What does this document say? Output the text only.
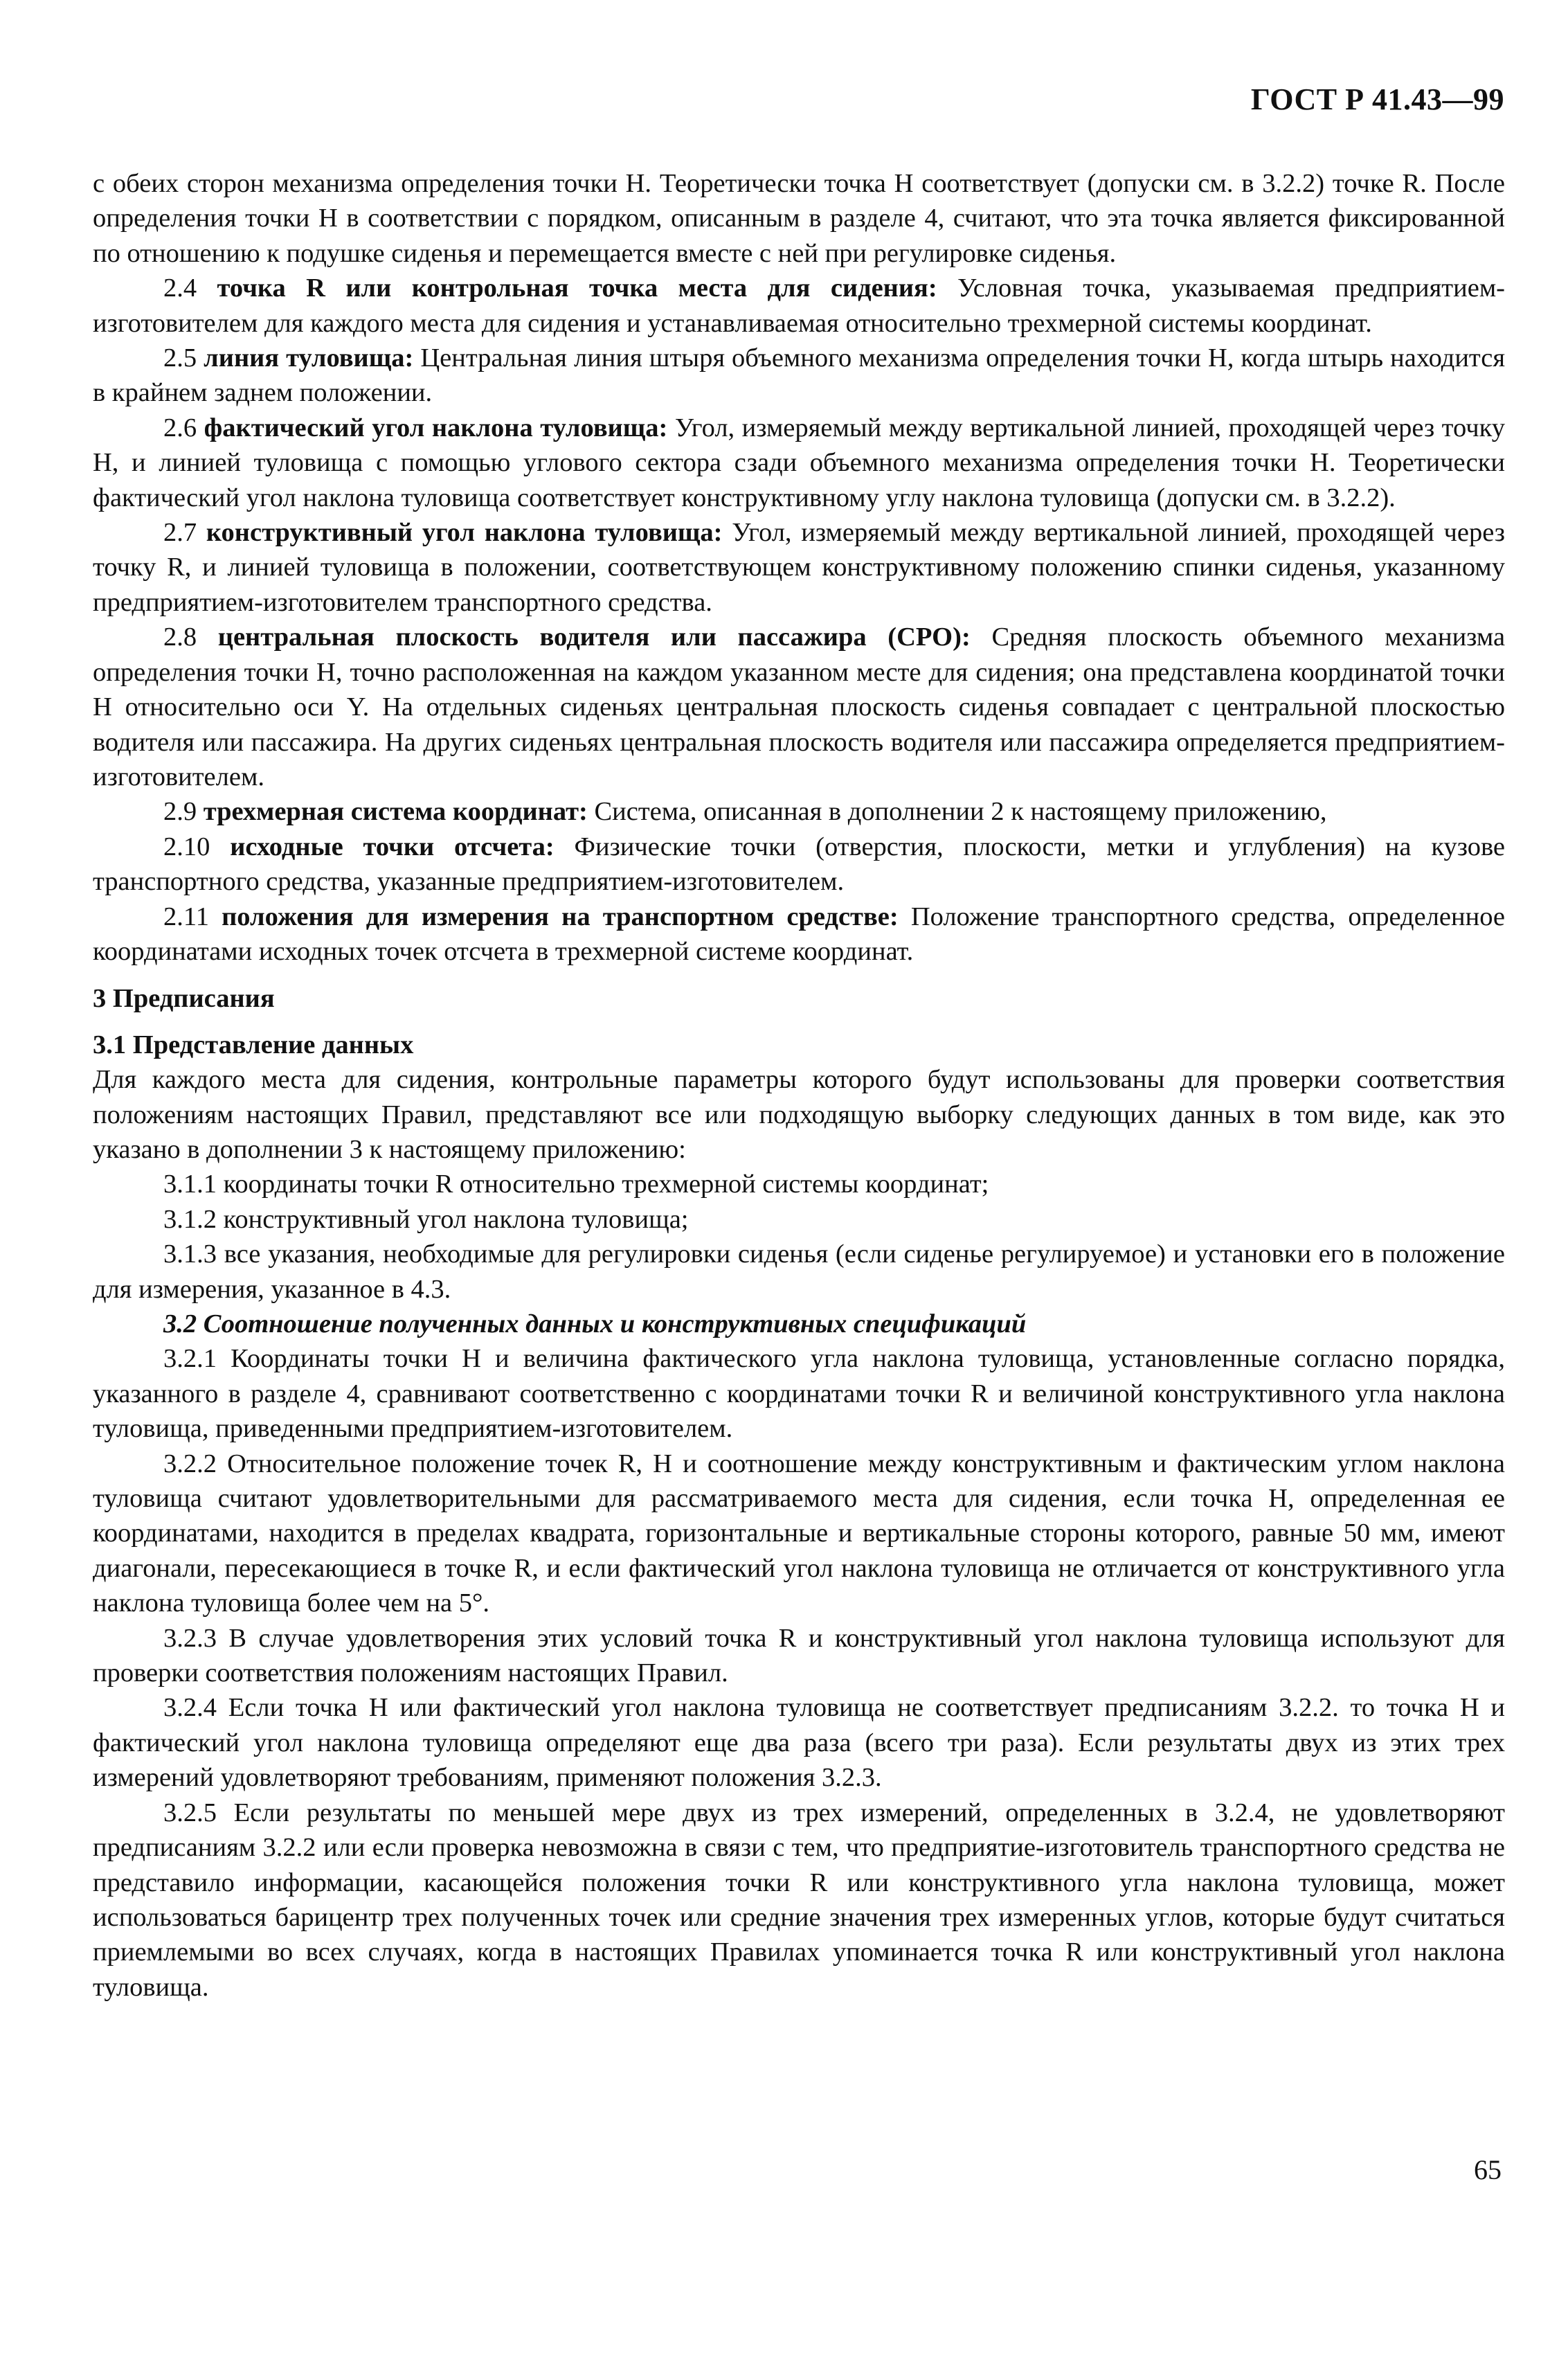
ГОСТ Р 41.43—99

с обеих сторон механизма определения точки H. Теоретически точка H соответствует (допуски см. в 3.2.2) точке R. После определения точки H в соответствии с порядком, описанным в разделе 4, считают, что эта точка является фиксированной по отношению к подушке сиденья и перемещается вместе с ней при регулировке сиденья.

2.4 точка R или контрольная точка места для сидения: Условная точка, указываемая предприятием-изготовителем для каждого места для сидения и устанавливаемая относительно трехмерной системы координат.

2.5 линия туловища: Центральная линия штыря объемного механизма определения точки H, когда штырь находится в крайнем заднем положении.

2.6 фактический угол наклона туловища: Угол, измеряемый между вертикальной линией, проходящей через точку H, и линией туловища с помощью углового сектора сзади объемного механизма определения точки H. Теоретически фактический угол наклона туловища соответствует конструктивному углу наклона туловища (допуски см. в 3.2.2).

2.7 конструктивный угол наклона туловища: Угол, измеряемый между вертикальной линией, проходящей через точку R, и линией туловища в положении, соответствующем конструктивному положению спинки сиденья, указанному предприятием-изготовителем транспортного средства.

2.8 центральная плоскость водителя или пассажира (СРО): Средняя плоскость объемного механизма определения точки H, точно расположенная на каждом указанном месте для сидения; она представлена координатой точки H относительно оси Y. На отдельных сиденьях центральная плоскость сиденья совпадает с центральной плоскостью водителя или пассажира. На других сиденьях центральная плоскость водителя или пассажира определяется предприятием-изготовителем.

2.9 трехмерная система координат: Система, описанная в дополнении 2 к настоящему приложению,

2.10 исходные точки отсчета: Физические точки (отверстия, плоскости, метки и углубления) на кузове транспортного средства, указанные предприятием-изготовителем.

2.11 положения для измерения на транспортном средстве: Положение транспортного средства, определенное координатами исходных точек отсчета в трехмерной системе координат.

3 Предписания

3.1 Представление данных

Для каждого места для сидения, контрольные параметры которого будут использованы для проверки соответствия положениям настоящих Правил, представляют все или подходящую выборку следующих данных в том виде, как это указано в дополнении 3 к настоящему приложению:

3.1.1 координаты точки R относительно трехмерной системы координат;

3.1.2 конструктивный угол наклона туловища;

3.1.3 все указания, необходимые для регулировки сиденья (если сиденье регулируемое) и установки его в положение для измерения, указанное в 4.3.

3.2 Соотношение полученных данных и конструктивных спецификаций

3.2.1 Координаты точки H и величина фактического угла наклона туловища, установленные согласно порядка, указанного в разделе 4, сравнивают соответственно с координатами точки R и величиной конструктивного угла наклона туловища, приведенными предприятием-изготовителем.

3.2.2 Относительное положение точек R, H и соотношение между конструктивным и фактическим углом наклона туловища считают удовлетворительными для рассматриваемого места для сидения, если точка H, определенная ее координатами, находится в пределах квадрата, горизонтальные и вертикальные стороны которого, равные 50 мм, имеют диагонали, пересекающиеся в точке R, и если фактический угол наклона туловища не отличается от конструктивного угла наклона туловища более чем на 5°.

3.2.3 В случае удовлетворения этих условий точка R и конструктивный угол наклона туловища используют для проверки соответствия положениям настоящих Правил.

3.2.4 Если точка H или фактический угол наклона туловища не соответствует предписаниям 3.2.2. то точка H и фактический угол наклона туловища определяют еще два раза (всего три раза). Если результаты двух из этих трех измерений удовлетворяют требованиям, применяют положения 3.2.3.

3.2.5 Если результаты по меньшей мере двух из трех измерений, определенных в 3.2.4, не удовлетворяют предписаниям 3.2.2 или если проверка невозможна в связи с тем, что предприятие-изготовитель транспортного средства не представило информации, касающейся положения точки R или конструктивного угла наклона туловища, может использоваться барицентр трех полученных точек или средние значения трех измеренных углов, которые будут считаться приемлемыми во всех случаях, когда в настоящих Правилах упоминается точка R или конструктивный угол наклона туловища.

65
